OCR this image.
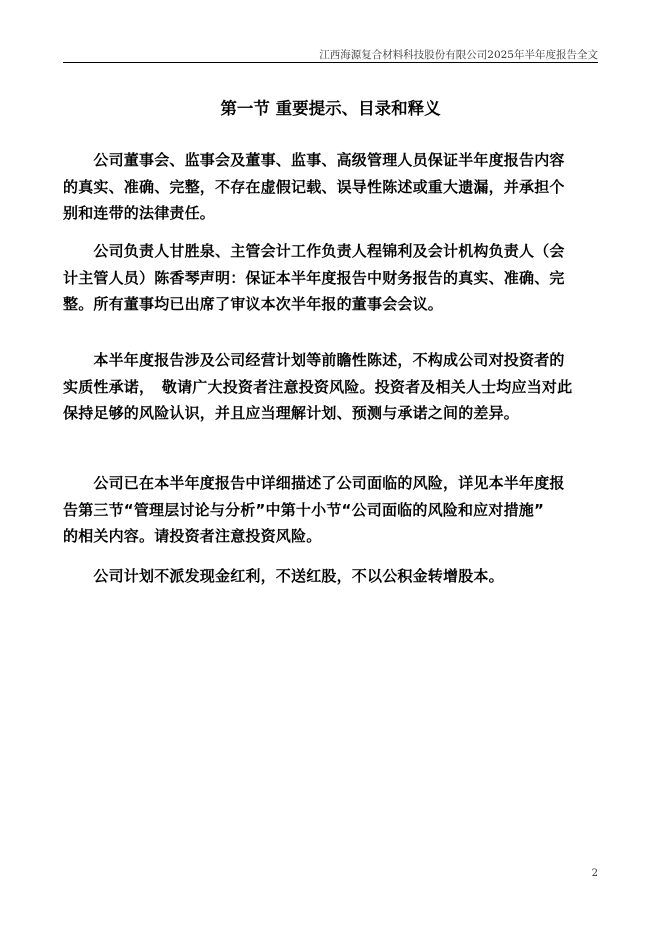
江西海源复合材料科技股份有限公司2025年半年度报告全文
第一节 重要提示、目录和释义
　　公司董事会、监事会及董事、监事、高级管理人员保证半年度报告内容
的真实、准确、完整，不存在虚假记载、误导性陈述或重大遗漏，并承担个
别和连带的法律责任。
　　公司负责人甘胜泉、主管会计工作负责人程锦利及会计机构负责人（会
计主管人员）陈香琴声明：保证本半年度报告中财务报告的真实、准确、完
整。所有董事均已出席了审议本次半年报的董事会会议。
　　本半年度报告涉及公司经营计划等前瞻性陈述，不构成公司对投资者的
实质性承诺，　敬请广大投资者注意投资风险。投资者及相关人士均应当对此
保持足够的风险认识，并且应当理解计划、预测与承诺之间的差异。
　　公司已在本半年度报告中详细描述了公司面临的风险，详见本半年度报
告第三节“管理层讨论与分析”中第十小节“公司面临的风险和应对措施”
的相关内容。请投资者注意投资风险。
　　公司计划不派发现金红利，不送红股，不以公积金转增股本。
2
